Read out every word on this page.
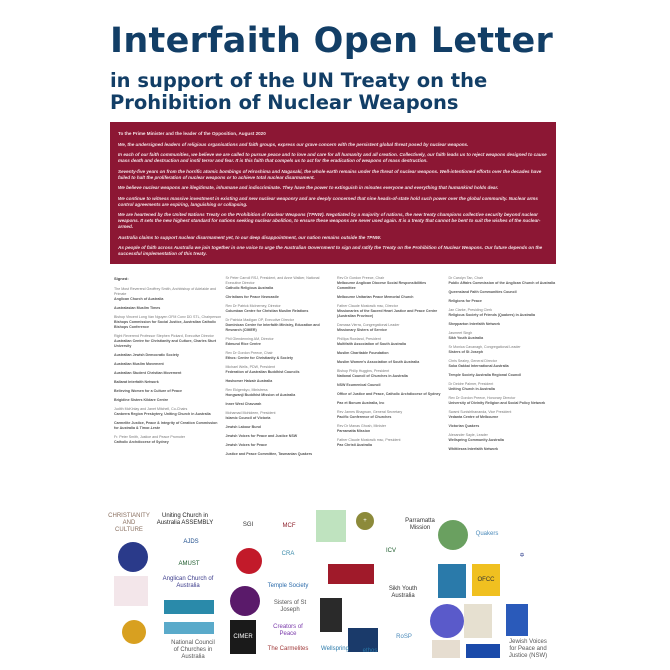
Interfaith Open Letter
in support of the UN Treaty on the
Prohibition of Nuclear Weapons

To the Prime Minister and the leader of the Opposition, August 2020

We, the undersigned leaders of religious organisations and faith groups, express our grave concern with the persistent global threat posed by nuclear weapons.

In each of our faith communities, we believe we are called to pursue peace and to love and care for all humanity and all creation. Collectively, our faith leads us to reject weapons designed to cause mass death and destruction and instil terror and fear. It is this faith that compels us to act for the eradication of weapons of mass destruction.

Seventy-five years on from the horrific atomic bombings of Hiroshima and Nagasaki, the whole earth remains under the threat of nuclear weapons. Well-intentioned efforts over the decades have failed to halt the proliferation of nuclear weapons or to achieve total nuclear disarmament.

We believe nuclear weapons are illegitimate, inhumane and indiscriminate. They have the power to extinguish in minutes everyone and everything that humankind holds dear.

We continue to witness massive investment in existing and new nuclear weaponry and are deeply concerned that nine heads-of-state hold such power over the global community. Nuclear arms control agreements are expiring, languishing or collapsing.

We are heartened by the United Nations Treaty on the Prohibition of Nuclear Weapons (TPNW). Negotiated by a majority of nations, the new treaty champions collective security beyond nuclear weapons. It sets the new highest standard for nations seeking nuclear abolition, to ensure these weapons are never used again. It is a treaty that cannot be bent to suit the wishes of the nuclear-armed.

Australia claims to support nuclear disarmament yet, to our deep disappointment, our nation remains outside the TPNW.

As people of faith across Australia we join together in one voice to urge the Australian Government to sign and ratify the Treaty on the Prohibition of Nuclear Weapons. Our future depends on the successful implementation of this treaty.

Signed:
The Most Reverend Geoffrey Smith, Archbishop of Adelaide and Primate
Anglican Church of Australia
Australasian Muslim Times
Bishop Vincent Long Van Nguyen OFM Conv DD STL, Chairperson
Bishops Commission for Social Justice, Australian Catholic Bishops Conference
Right Reverend Professor Stephen Pickard, Executive Director
Australian Centre for Christianity and Culture, Charles Sturt University
Australian Jewish Democratic Society
Australian Muslim Movement
Australian Student Christian Movement
Ballarat Interfaith Network
Believing Women for a Culture of Peace
Brigidine Sisters Kildare Centre
Judith McKinlay and Janet Mitchell, Co-Chairs
Canberra Region Presbytery, Uniting Church in Australia
Carmelite Justice, Peace & Integrity of Creation Commission for Australia & Timor-Leste
Fr. Peter Smith, Justice and Peace Promoter
Catholic Archdiocese of Sydney
Sr Peter Carroll RSJ, President, and Anne Walker, National Executive Director
Catholic Religious Australia
Christians for Peace Newcastle
Rev Dr Patrick McInerney, Director
Columban Centre for Christian Muslim Relations
Dr Patricia Madigan OP, Executive Director
Dominican Centre for Interfaith Ministry, Education and Research (CIMER)
Phil Glendenning AM, Director
Edmund Rice Centre
Rev Dr Gordon Preece, Chair
Ethos: Centre for Christianity & Society
Michael Wells, PDW, President
Federation of Australian Buddhist Councils
Hashomer Hatzair Australia
Rev Ekigenkyo, Ministress
Hongwanji Buddhist Mission of Australia
Inner West Chavurah
Mohamad Mohideen, President
Islamic Council of Victoria
Jewish Labour Bund
Jewish Voices for Peace and Justice NSW
Jewish Voices for Peace
Justice and Peace Committee, Tasmanian Quakers
Rev Dr Gordon Preece, Chair
Melbourne Anglican Diocese Social Responsibilities Committee
Melbourne Unitarian Peace Memorial Church
Father Claude Mostowik msc, Director
Missionaries of the Sacred Heart Justice and Peace Centre (Australian Province)
Damasa Vierra, Congregational Leader
Missionary Sisters of Service
Phillipa Rowland, President
Multifaith Association of South Australia
Muslim Charitable Foundation
Muslim Women's Association of South Australia
Bishop Philip Huggins, President
National Council of Churches in Australia
NSW Ecumenical Council
Office of Justice and Peace, Catholic Archdiocese of Sydney
Pax et Bonum Australia, Inc
Rev James Bhagwan, General Secretary
Pacific Conference of Churches
Rev Dr Manas Ghosh, Minister
Parramatta Mission
Father Claude Mostowik msc, President
Pax Christi Australia
Dr Carolyn Tan, Chair
Public Affairs Commission of the Anglican Church of Australia
Queensland Faith Communities Council
Religions for Peace
Jan Clarke, Presiding Clerk
Religious Society of Friends (Quakers) in Australia
Shepparton Interfaith Network
Jasmeet Singh
Sikh Youth Australia
Sr Monica Cavanagh, Congregational Leader
Sisters of St Joseph
Chris Sealey, General Director
Soka Gakkai International Australia
Temple Society Australia Regional Council
Dr Deidre Palmer, President
Uniting Church in Australia
Rev Dr Gordon Preece, Honorary Director
University of Divinity Religion and Social Policy Network
Swami Sunishthananda, Vice President
Vedanta Centre of Melbourne
Victorian Quakers
Alexander Sayle, Leader
Wellspring Community Australia
Whittlesea Interfaith Network
CHRISTIANITY AND CULTURE
Uniting Church in Australia ASSEMBLY	SGI	MCF
+	Parramatta Mission
Quakers
✡
AJDS
CRA	ICV
AMUST
Temple Society
Anglican Church of Australia	Sikh Youth Australia
OFCC
Sisters of St Joseph
CIMER
Creators of Peace	RoSP
Jewish Voices for Peace and Justice (NSW)
National Council of Churches in Australia
The Carmelites	Wellspring	ethos
